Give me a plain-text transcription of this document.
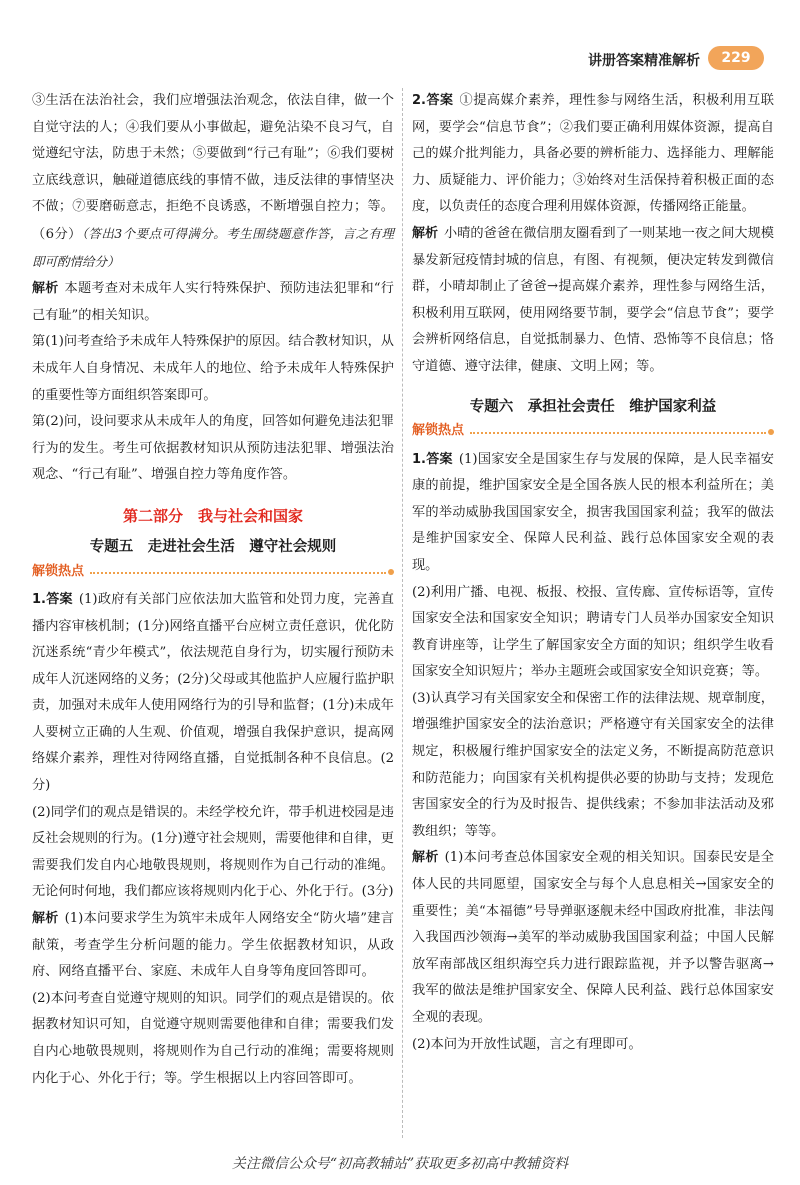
讲册答案精准解析	229

③生活在法治社会，我们应增强法治观念，依法自律，做一个自觉守法的人；④我们要从小事做起，避免沾染不良习气，自觉遵纪守法，防患于未然；⑤要做到“行己有耻”；⑥我们要树立底线意识，触碰道德底线的事情不做，违反法律的事情坚决不做；⑦要磨砺意志，拒绝不良诱惑，不断增强自控力；等。（6分）（答出3个要点可得满分。考生围绕题意作答，言之有理即可酌情给分）

解析 本题考查对未成年人实行特殊保护、预防违法犯罪和“行己有耻”的相关知识。

第(1)问考查给予未成年人特殊保护的原因。结合教材知识，从未成年人自身情况、未成年人的地位、给予未成年人特殊保护的重要性等方面组织答案即可。

第(2)问，设问要求从未成年人的角度，回答如何避免违法犯罪行为的发生。考生可依据教材知识从预防违法犯罪、增强法治观念、“行己有耻”、增强自控力等角度作答。

第二部分　我与社会和国家
专题五　走进社会生活　遵守社会规则
解锁热点

1.答案 (1)政府有关部门应依法加大监管和处罚力度，完善直播内容审核机制；(1分)网络直播平台应树立责任意识，优化防沉迷系统“青少年模式”，依法规范自身行为，切实履行预防未成年人沉迷网络的义务；(2分)父母或其他监护人应履行监护职责，加强对未成年人使用网络行为的引导和监督；(1分)未成年人要树立正确的人生观、价值观，增强自我保护意识，提高网络媒介素养，理性对待网络直播，自觉抵制各种不良信息。(2分)

(2)同学们的观点是错误的。未经学校允许，带手机进校园是违反社会规则的行为。(1分)遵守社会规则，需要他律和自律，更需要我们发自内心地敬畏规则，将规则作为自己行动的准绳。无论何时何地，我们都应该将规则内化于心、外化于行。(3分)

解析 (1)本问要求学生为筑牢未成年人网络安全“防火墙”建言献策，考查学生分析问题的能力。学生依据教材知识，从政府、网络直播平台、家庭、未成年人自身等角度回答即可。

(2)本问考查自觉遵守规则的知识。同学们的观点是错误的。依据教材知识可知，自觉遵守规则需要他律和自律；需要我们发自内心地敬畏规则，将规则作为自己行动的准绳；需要将规则内化于心、外化于行；等。学生根据以上内容回答即可。

2.答案 ①提高媒介素养，理性参与网络生活，积极利用互联网，要学会“信息节食”；②我们要正确利用媒体资源，提高自己的媒介批判能力，具备必要的辨析能力、选择能力、理解能力、质疑能力、评价能力；③始终对生活保持着积极正面的态度，以负责任的态度合理利用媒体资源，传播网络正能量。

解析 小晴的爸爸在微信朋友圈看到了一则某地一夜之间大规模暴发新冠疫情封城的信息，有图、有视频，便决定转发到微信群，小晴却制止了爸爸→提高媒介素养，理性参与网络生活，积极利用互联网，使用网络要节制，要学会“信息节食”；要学会辨析网络信息，自觉抵制暴力、色情、恐怖等不良信息；恪守道德、遵守法律，健康、文明上网；等。

专题六　承担社会责任　维护国家利益
解锁热点

1.答案 (1)国家安全是国家生存与发展的保障，是人民幸福安康的前提，维护国家安全是全国各族人民的根本利益所在；美军的举动威胁我国国家安全，损害我国国家利益；我军的做法是维护国家安全、保障人民利益、践行总体国家安全观的表现。

(2)利用广播、电视、板报、校报、宣传廊、宣传标语等，宣传国家安全法和国家安全知识；聘请专门人员举办国家安全知识教育讲座等，让学生了解国家安全方面的知识；组织学生收看国家安全知识短片；举办主题班会或国家安全知识竞赛；等。

(3)认真学习有关国家安全和保密工作的法律法规、规章制度，增强维护国家安全的法治意识；严格遵守有关国家安全的法律规定，积极履行维护国家安全的法定义务，不断提高防范意识和防范能力；向国家有关机构提供必要的协助与支持；发现危害国家安全的行为及时报告、提供线索；不参加非法活动及邪教组织；等等。

解析 (1)本问考查总体国家安全观的相关知识。国泰民安是全体人民的共同愿望，国家安全与每个人息息相关→国家安全的重要性；美“本福德”号导弹驱逐舰未经中国政府批准，非法闯入我国西沙领海→美军的举动威胁我国国家利益；中国人民解放军南部战区组织海空兵力进行跟踪监视，并予以警告驱离→我军的做法是维护国家安全、保障人民利益、践行总体国家安全观的表现。

(2)本问为开放性试题，言之有理即可。

关注微信公众号“初高教辅站”获取更多初高中教辅资料
